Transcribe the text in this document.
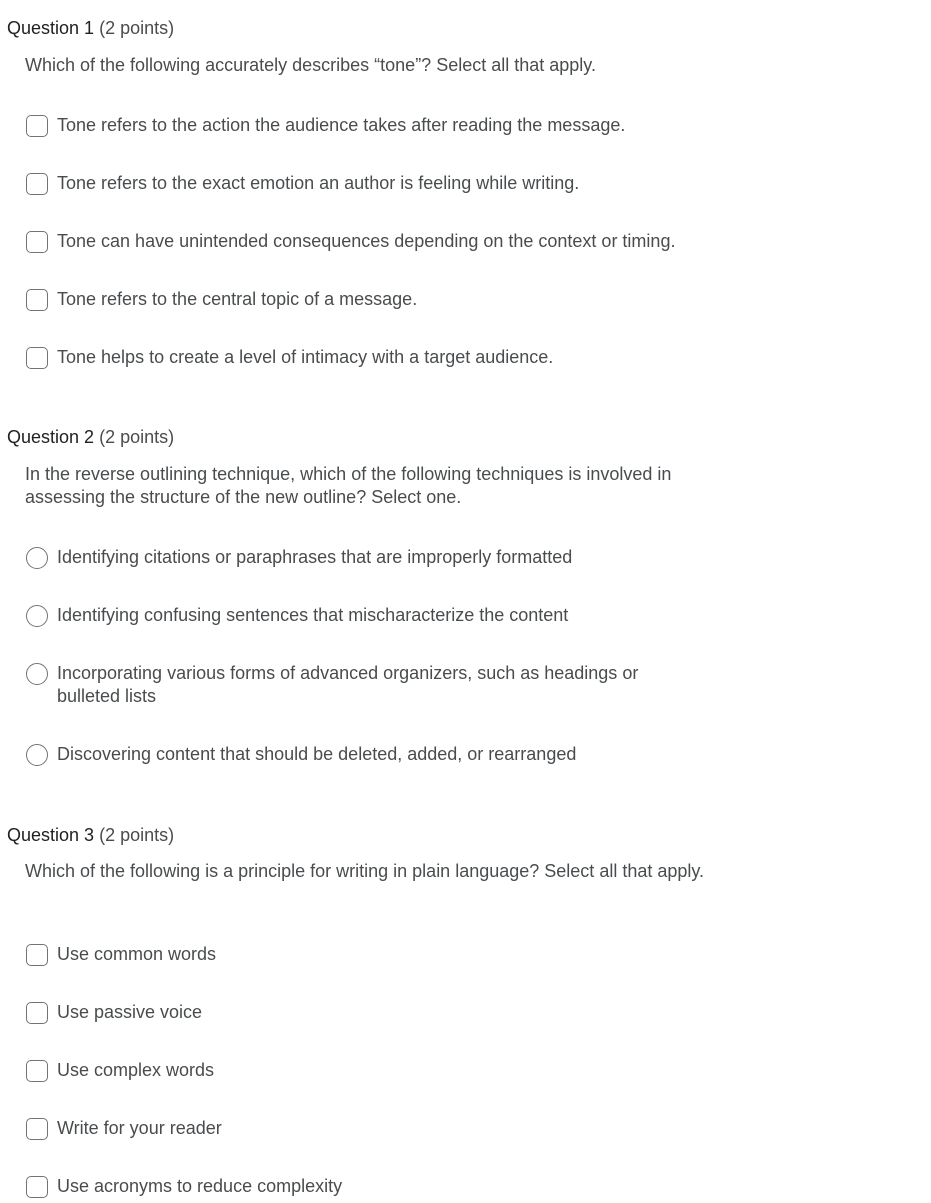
Question 1 (2 points)
Which of the following accurately describes “tone”? Select all that apply.
Tone refers to the action the audience takes after reading the message.
Tone refers to the exact emotion an author is feeling while writing.
Tone can have unintended consequences depending on the context or timing.
Tone refers to the central topic of a message.
Tone helps to create a level of intimacy with a target audience.
Question 2 (2 points)
In the reverse outlining technique, which of the following techniques is involved in assessing the structure of the new outline? Select one.
Identifying citations or paraphrases that are improperly formatted
Identifying confusing sentences that mischaracterize the content
Incorporating various forms of advanced organizers, such as headings or bulleted lists
Discovering content that should be deleted, added, or rearranged
Question 3 (2 points)
Which of the following is a principle for writing in plain language? Select all that apply.
Use common words
Use passive voice
Use complex words
Write for your reader
Use acronyms to reduce complexity
